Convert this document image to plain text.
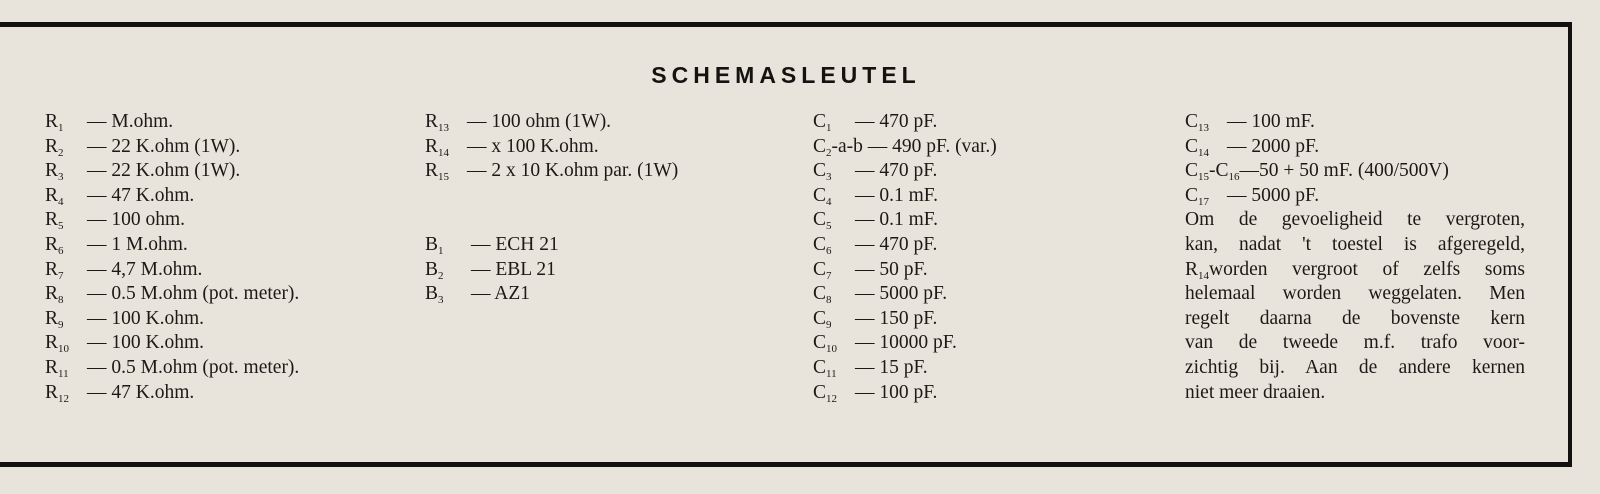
SCHEMASLEUTEL
$R_1$ — M.ohm.
$R_2$ — 22 K.ohm (1W).
$R_3$ — 22 K.ohm (1W).
$R_4$ — 47 K.ohm.
$R_5$ — 100 ohm.
$R_6$ — 1 M.ohm.
$R_7$ — 4,7 M.ohm.
$R_8$ — 0.5 M.ohm (pot. meter).
$R_9$ — 100 K.ohm.
$R_{10}$ — 100 K.ohm.
$R_{11}$ — 0.5 M.ohm (pot. meter).
$R_{12}$ — 47 K.ohm.
$R_{13}$ — 100 ohm (1W).
$R_{14}$ — x 100 K.ohm.
$R_{15}$ — 2 x 10 K.ohm par. (1W)
$B_1$ — ECH 21
$B_2$ — EBL 21
$B_3$ — AZ1
$C_1$ — 470 pF.
$C_2-a-b$ — 490 pF. (var.)
$C_3$ — 470 pF.
$C_4$ — 0.1 mF.
$C_5$ — 0.1 mF.
$C_6$ — 470 pF.
$C_7$ — 50 pF.
$C_8$ — 5000 pF.
$C_9$ — 150 pF.
$C_{10}$ — 10000 pF.
$C_{11}$ — 15 pF.
$C_{12}$ — 100 pF.
$C_{13}$ — 100 mF.
$C_{14}$ — 2000 pF.
$C_{15}-C_{16}—50 + 50$ mF. (400/500V)
$C_{17}$ — 5000 pF.
Om de gevoeligheid te vergroten,
kan, nadat 't toestel is afgeregeld,
$R_{14}worden$ vergroot of zelfs soms
helemaal worden weggelaten. Men
regelt daarna de bovenste kern
van de tweede m.f. trafo voor-
zichtig bij. Aan de andere kernen
niet meer draaien.
